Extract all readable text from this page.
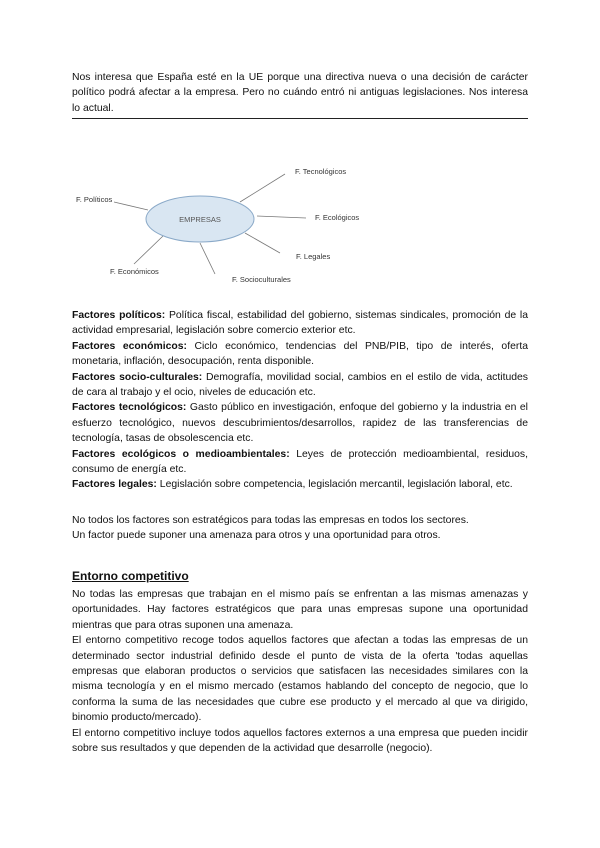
Nos interesa que España esté en la UE porque una directiva nueva o una decisión de carácter político podrá afectar a la empresa. Pero no cuándo entró ni antiguas legislaciones. Nos interesa lo actual.

EMPRESAS
F. Tecnológicos
F. Políticos
F. Ecológicos
F. Legales
F. Económicos
F. Socioculturales

Factores políticos: Política fiscal, estabilidad del gobierno, sistemas sindicales, promoción de la actividad empresarial, legislación sobre comercio exterior etc.

Factores económicos: Ciclo económico, tendencias del PNB/PIB, tipo de interés, oferta monetaria, inflación, desocupación, renta disponible.

Factores socio-culturales: Demografía, movilidad social, cambios en el estilo de vida, actitudes de cara al trabajo y el ocio, niveles de educación etc.

Factores tecnológicos: Gasto público en investigación, enfoque del gobierno y la industria en el esfuerzo tecnológico, nuevos descubrimientos/desarrollos, rapidez de las transferencias de tecnología, tasas de obsolescencia etc.

Factores ecológicos o medioambientales: Leyes de protección medioambiental, residuos, consumo de energía etc.

Factores legales: Legislación sobre competencia, legislación mercantil, legislación laboral, etc.

No todos los factores son estratégicos para todas las empresas en todos los sectores.

Un factor puede suponer una amenaza para otros y una oportunidad para otros.

Entorno competitivo

No todas las empresas que trabajan en el mismo país se enfrentan a las mismas amenazas y oportunidades. Hay factores estratégicos que para unas empresas supone una oportunidad mientras que para otras suponen una amenaza.

El entorno competitivo recoge todos aquellos factores que afectan a todas las empresas de un determinado sector industrial definido desde el punto de vista de la oferta 'todas aquellas empresas que elaboran productos o servicios que satisfacen las necesidades similares con la misma tecnología y en el mismo mercado (estamos hablando del concepto de negocio, que lo conforma la suma de las necesidades que cubre ese producto y el mercado al que va dirigido, binomio producto/mercado).

El entorno competitivo incluye todos aquellos factores externos a una empresa que pueden incidir sobre sus resultados y que dependen de la actividad que desarrolle (negocio).
